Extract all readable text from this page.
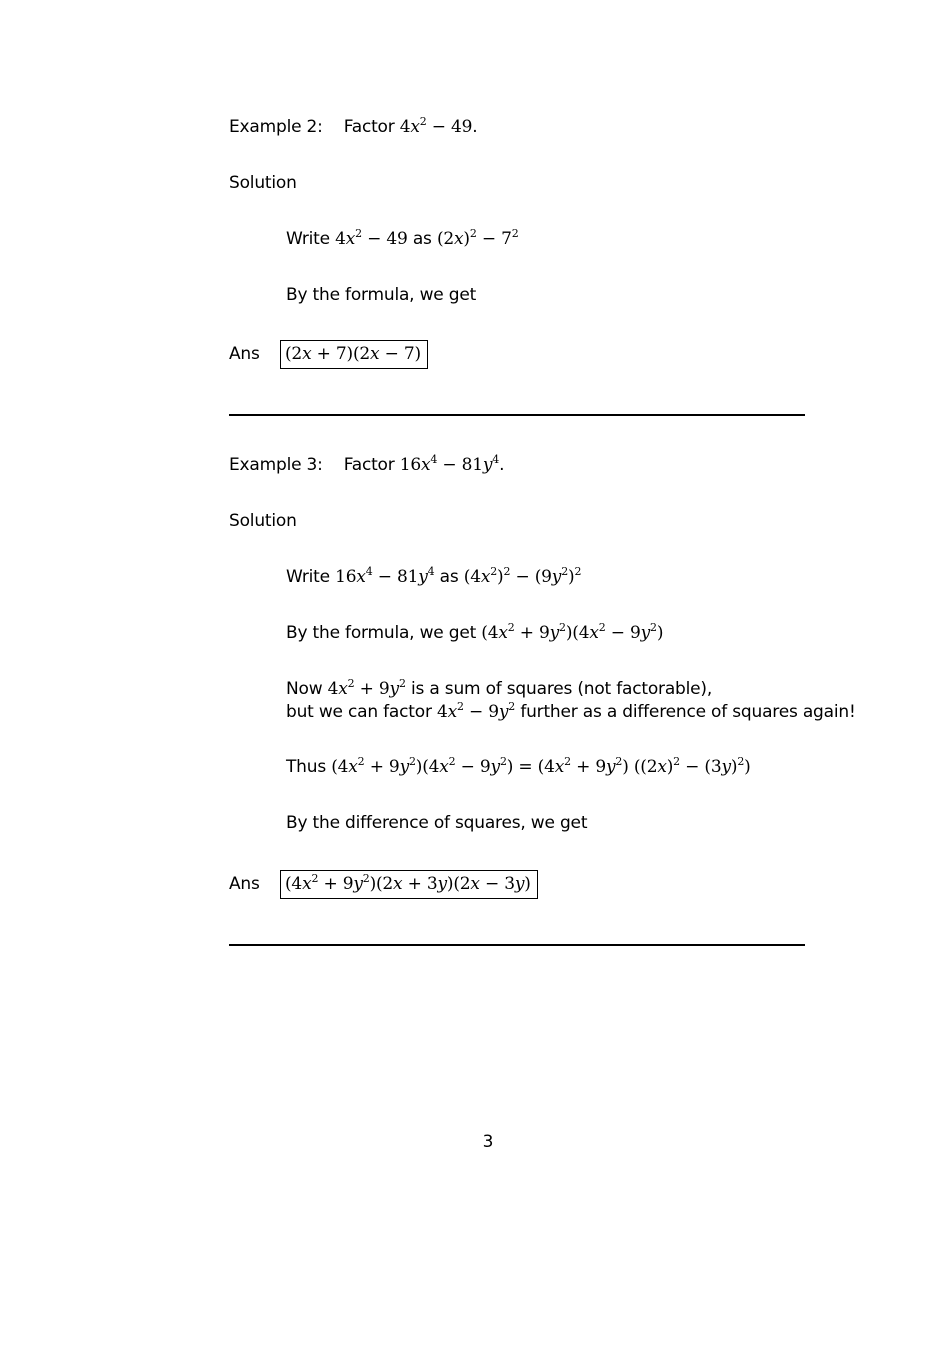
Example 2: Factor $4x^2 - 49$.
Solution
Write $4x^2 - 49$ as $(2x)^2 - 7^2$
By the formula, we get
Ans (2x + 7)(2x − 7)
Example 3: Factor $16x^4 - 81y^4$.
Solution
Write $16x^4 - 81y^4$ as $(4x^2)^2 - (9y^2)^2$
By the formula, we get $(4x^2 + 9y^2)(4x^2 - 9y^2)$
Now $4x^2 + 9y^2$ is a sum of squares (not factorable),
but we can factor $4x^2 - 9y^2$ further as a difference of squares again!
Thus $(4x^2 + 9y^2)(4x^2 - 9y^2) = (4x^2 + 9y^2) ((2x)^2 - (3y)^2)$
By the difference of squares, we get
Ans $(4x^2 + 9y^2)(2x + 3y)(2x - 3y)$
3
